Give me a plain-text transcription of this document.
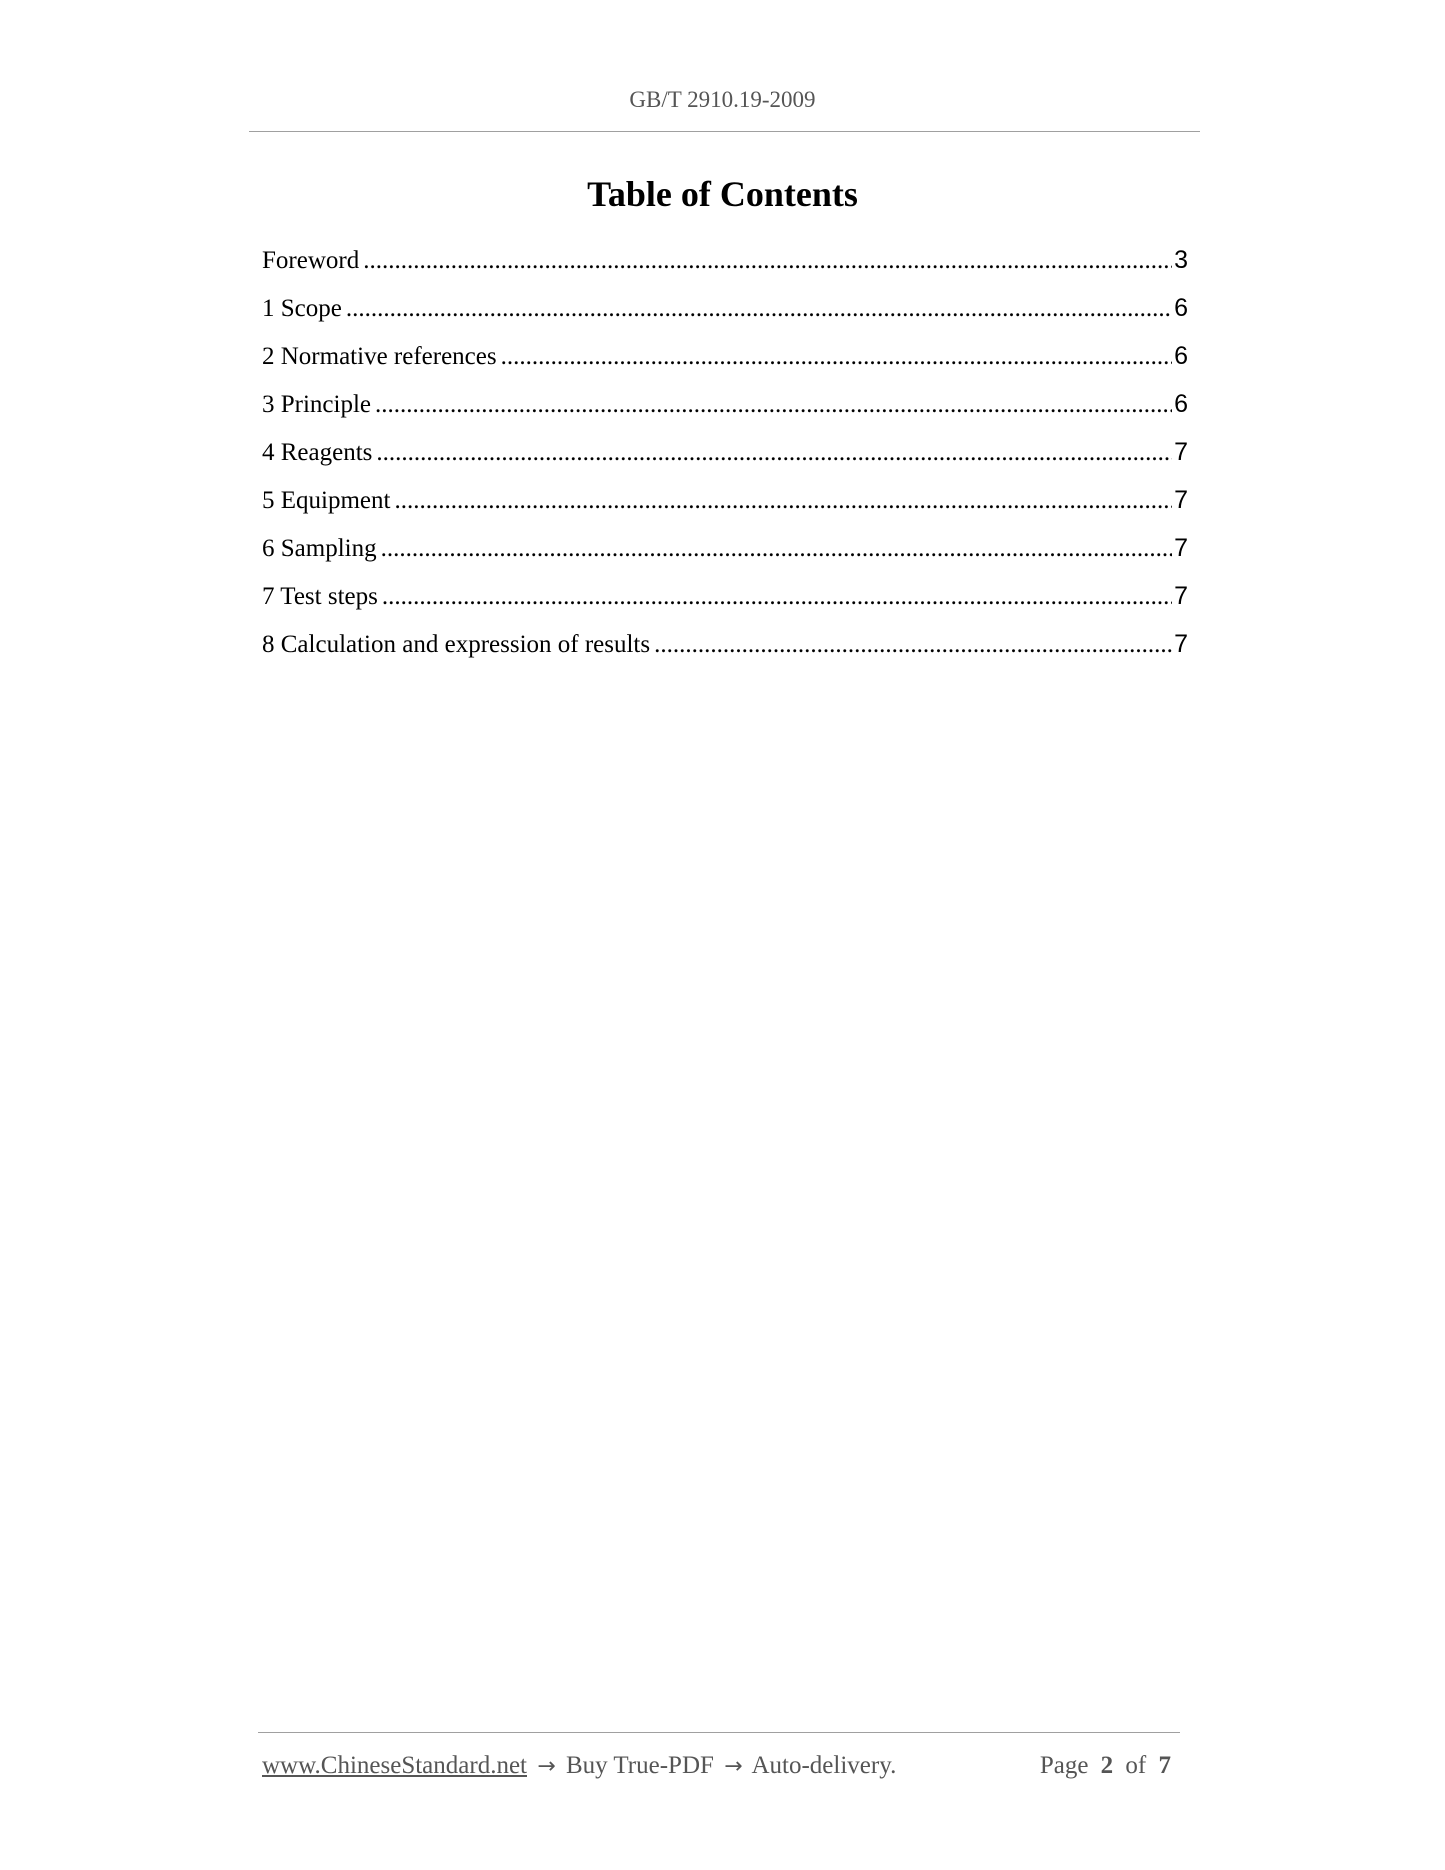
GB/T 2910.19-2009
Table of Contents
Foreword .....	3
1 Scope .....	6
2 Normative references .....	6
3 Principle .....	6
4 Reagents .....	7
5 Equipment .....	7
6 Sampling .....	7
7 Test steps .....	7
8 Calculation and expression of results .....	7
www.ChineseStandard.net → Buy True-PDF → Auto-delivery.	Page 2 of 7
